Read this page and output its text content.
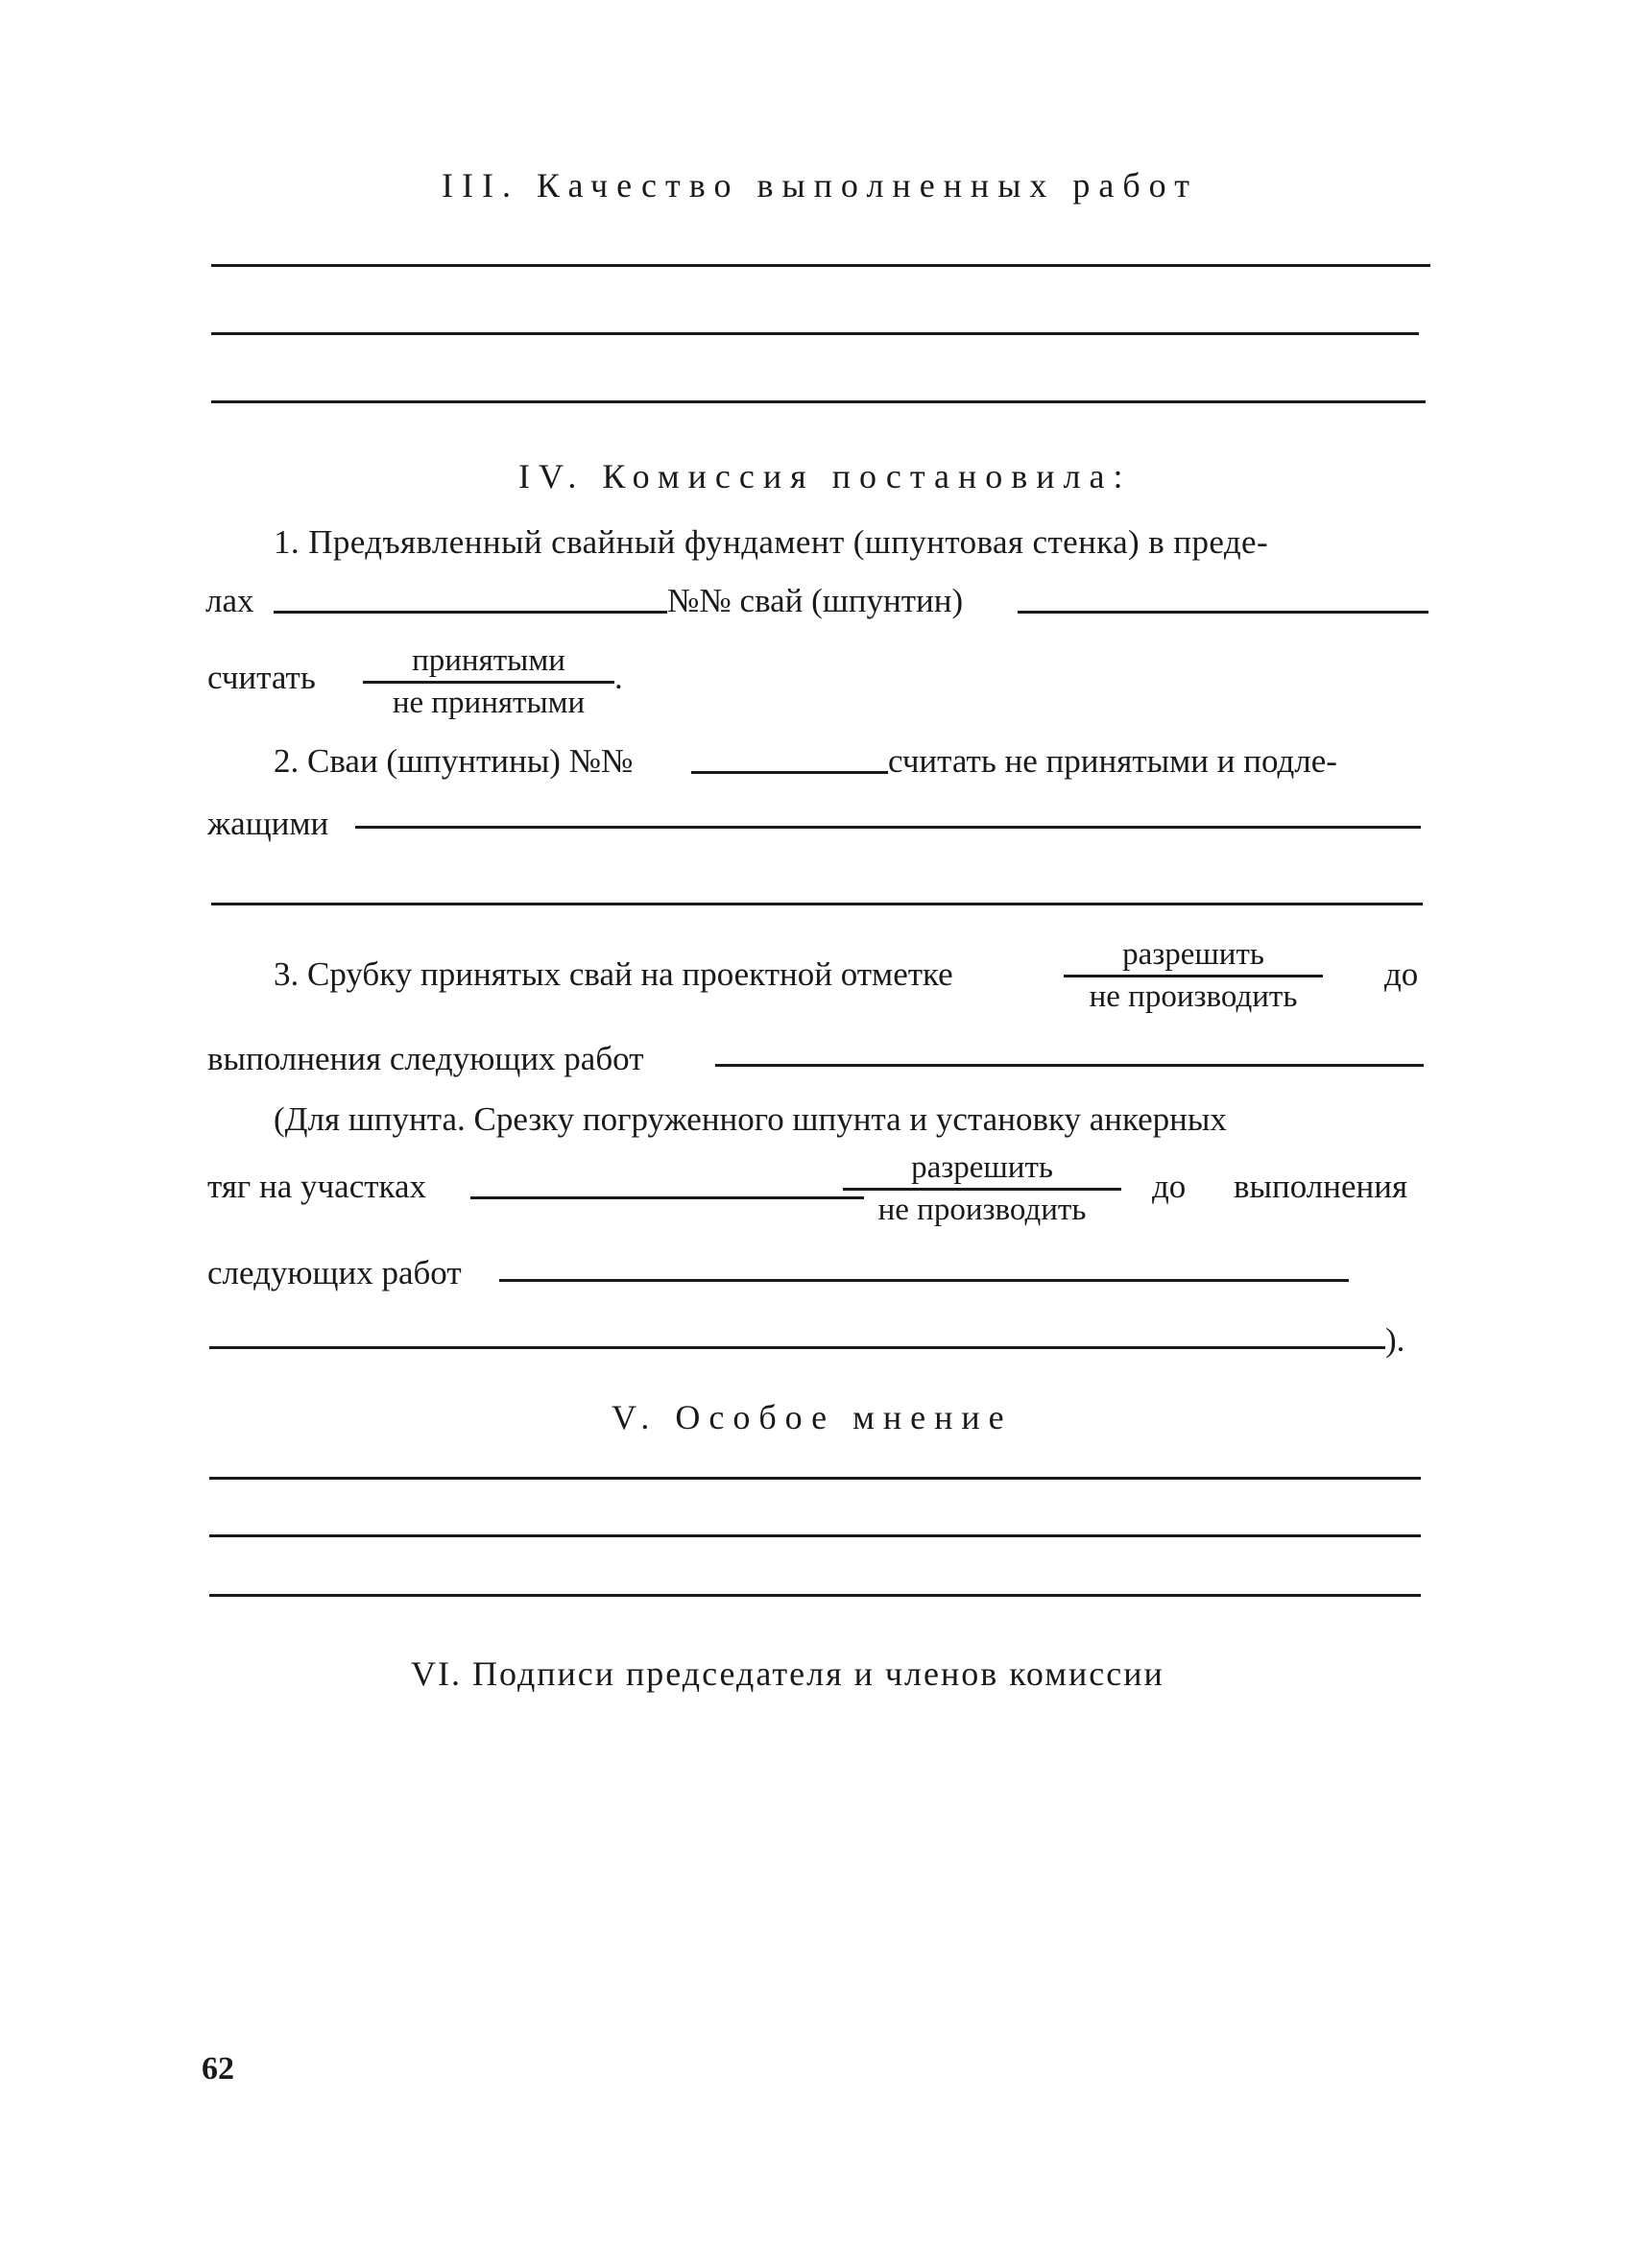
III. Качество выполненных работ
IV. Комиссия постановила:
1. Предъявленный свайный фундамент (шпунтовая стенка) в преде-
лах	№№ свай (шпунтин)
считать	принятыми
не принятыми
.
2. Сваи (шпунтины) №№	считать не принятыми и подле-
жащими
3. Срубку принятых свай на проектной отметке
разрешить
не производить
до
выполнения следующих работ
(Для шпунта. Срезку погруженного шпунта и установку анкерных
тяг на участках	разрешить
не производить
до выполнения
следующих работ
).
V. Особое мнение
VI. Подписи председателя и членов комиссии
62
